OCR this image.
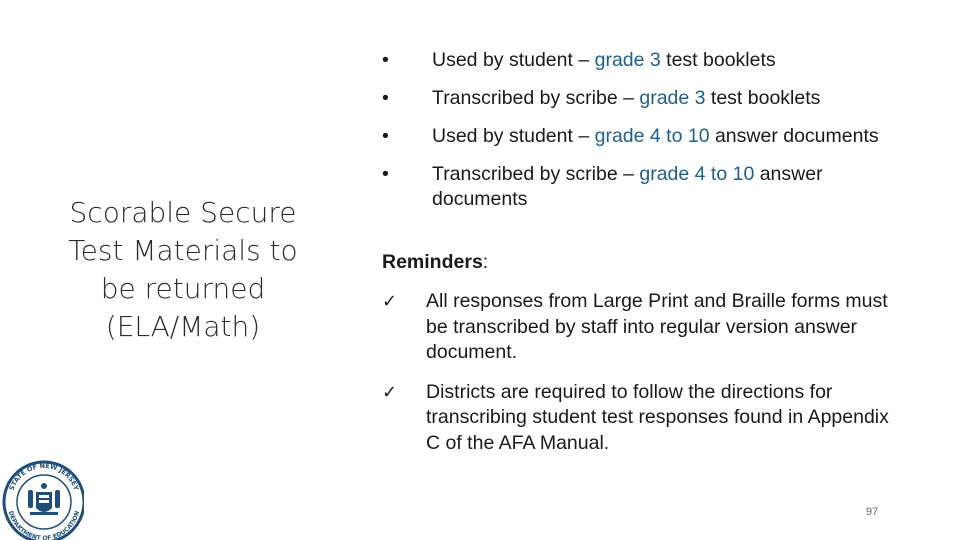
Scorable Secure Test Materials to be returned (ELA/Math)
• Used by student – grade 3 test booklets
• Transcribed by scribe – grade 3 test booklets
• Used by student – grade 4 to 10 answer documents
• Transcribed by scribe – grade 4 to 10 answer documents
Reminders:
✓ All responses from Large Print and Braille forms must be transcribed by staff into regular version answer document.
✓ Districts are required to follow the directions for transcribing student test responses found in Appendix C of the AFA Manual.
97
STATE OF NEW JERSEY
DEPARTMENT OF EDUCATION
